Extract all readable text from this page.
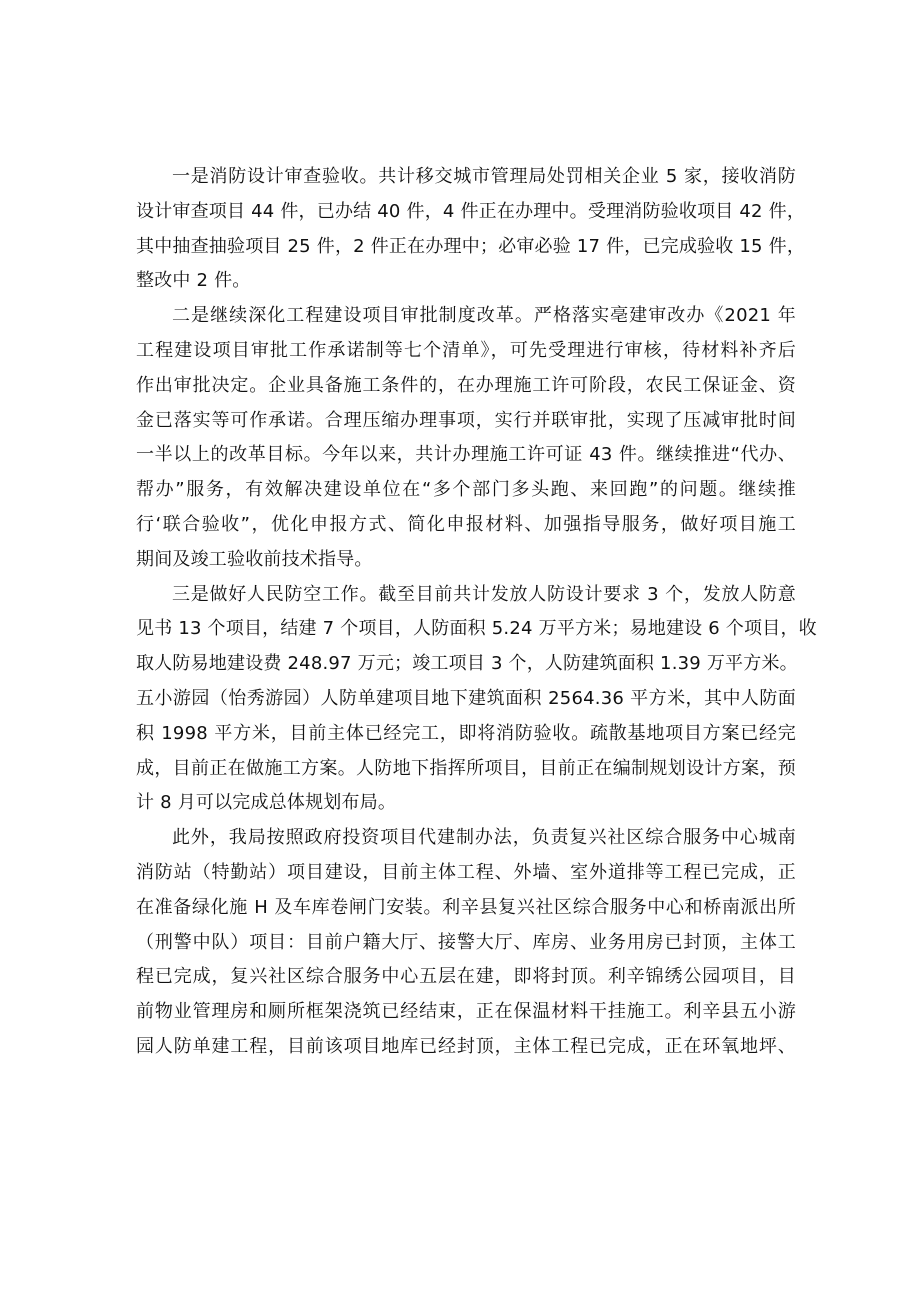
一是消防设计审查验收。共计移交城市管理局处罚相关企业 5 家，接收消防
设计审查项目 44 件，已办结 40 件，4 件正在办理中。受理消防验收项目 42 件，
其中抽查抽验项目 25 件，2 件正在办理中；必审必验 17 件，已完成验收 15 件，
整改中 2 件。
二是继续深化工程建设项目审批制度改革。严格落实亳建审改办《2021 年
工程建设项目审批工作承诺制等七个清单》，可先受理进行审核，待材料补齐后
作出审批决定。企业具备施工条件的，在办理施工许可阶段，农民工保证金、资
金已落实等可作承诺。合理压缩办理事项，实行并联审批，实现了压减审批时间
一半以上的改革目标。今年以来，共计办理施工许可证 43 件。继续推进“代办、
帮办”服务，有效解决建设单位在“多个部门多头跑、来回跑”的问题。继续推
行‘联合验收”，优化申报方式、简化申报材料、加强指导服务，做好项目施工
期间及竣工验收前技术指导。
三是做好人民防空工作。截至目前共计发放人防设计要求 3 个，发放人防意
见书 13 个项目，结建 7 个项目，人防面积 5.24 万平方米；易地建设 6 个项目，收
取人防易地建设费 248.97 万元；竣工项目 3 个，人防建筑面积 1.39 万平方米。
五小游园（怡秀游园）人防单建项目地下建筑面积 2564.36 平方米，其中人防面
积 1998 平方米，目前主体已经完工，即将消防验收。疏散基地项目方案已经完
成，目前正在做施工方案。人防地下指挥所项目，目前正在编制规划设计方案，预
计 8 月可以完成总体规划布局。
此外，我局按照政府投资项目代建制办法，负责复兴社区综合服务中心城南
消防站（特勤站）项目建设，目前主体工程、外墙、室外道排等工程已完成，正
在准备绿化施 H 及车库卷闸门安装。利辛县复兴社区综合服务中心和桥南派出所
（刑警中队）项目：目前户籍大厅、接警大厅、库房、业务用房已封顶，主体工
程已完成，复兴社区综合服务中心五层在建，即将封顶。利辛锦绣公园项目，目
前物业管理房和厕所框架浇筑已经结束，正在保温材料干挂施工。利辛县五小游
园人防单建工程，目前该项目地库已经封顶，主体工程已完成，正在环氧地坪、
